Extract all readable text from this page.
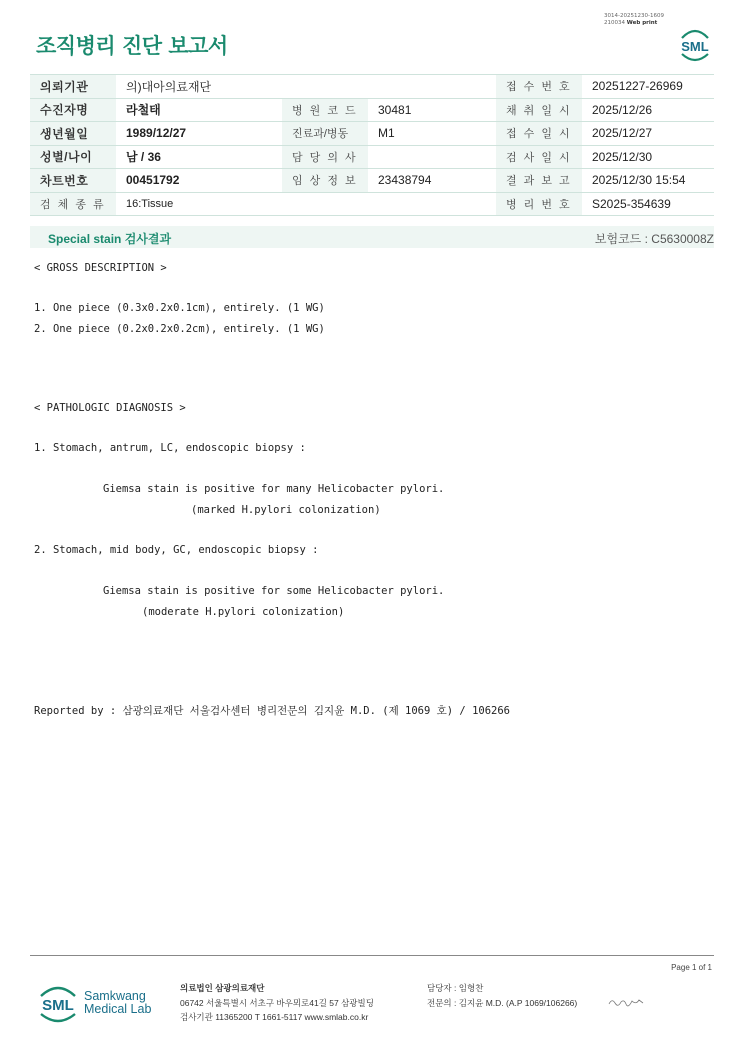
조직병리 진단 보고서
3014-20251230-1609
210034 Web print
SML
의뢰기관	의)대아의료재단			접 수 번 호	20251227-26969
수진자명	라철태	병 원 코 드	30481	채 취 일 시	2025/12/26
생년월일	1989/12/27	진료과/병동	M1	접 수 일 시	2025/12/27
성별/나이	남 / 36	담 당 의 사		검 사 일 시	2025/12/30
차트번호	00451792	임 상 정 보	23438794	결 과 보 고	2025/12/30 15:54
검 체 종 류	16:Tissue			병 리 번 호	S2025-354639
Special stain 검사결과	보험코드 : C5630008Z
< GROSS DESCRIPTION >
1. One piece (0.3x0.2x0.1cm), entirely. (1 WG)
2. One piece (0.2x0.2x0.2cm), entirely. (1 WG)
< PATHOLOGIC DIAGNOSIS >
1. Stomach, antrum, LC, endoscopic biopsy :
Giemsa stain is positive for many Helicobacter pylori.
(marked H.pylori colonization)
2. Stomach, mid body, GC, endoscopic biopsy :
Giemsa stain is positive for some Helicobacter pylori.
(moderate H.pylori colonization)
Reported by : 삼광의료재단 서울검사센터 병리전문의 김지윤 M.D. (제 1069 호) / 106266
Page 1 of 1
SML
Samkwang
Medical Lab
의료법인 삼광의료재단
06742 서울특별시 서초구 바우뫼로41길 57 삼광빌딩
검사기관 11365200 T 1661-5117 www.smlab.co.kr
담당자 : 임형찬
전문의 : 김지윤 M.D. (A.P 1069/106266)
